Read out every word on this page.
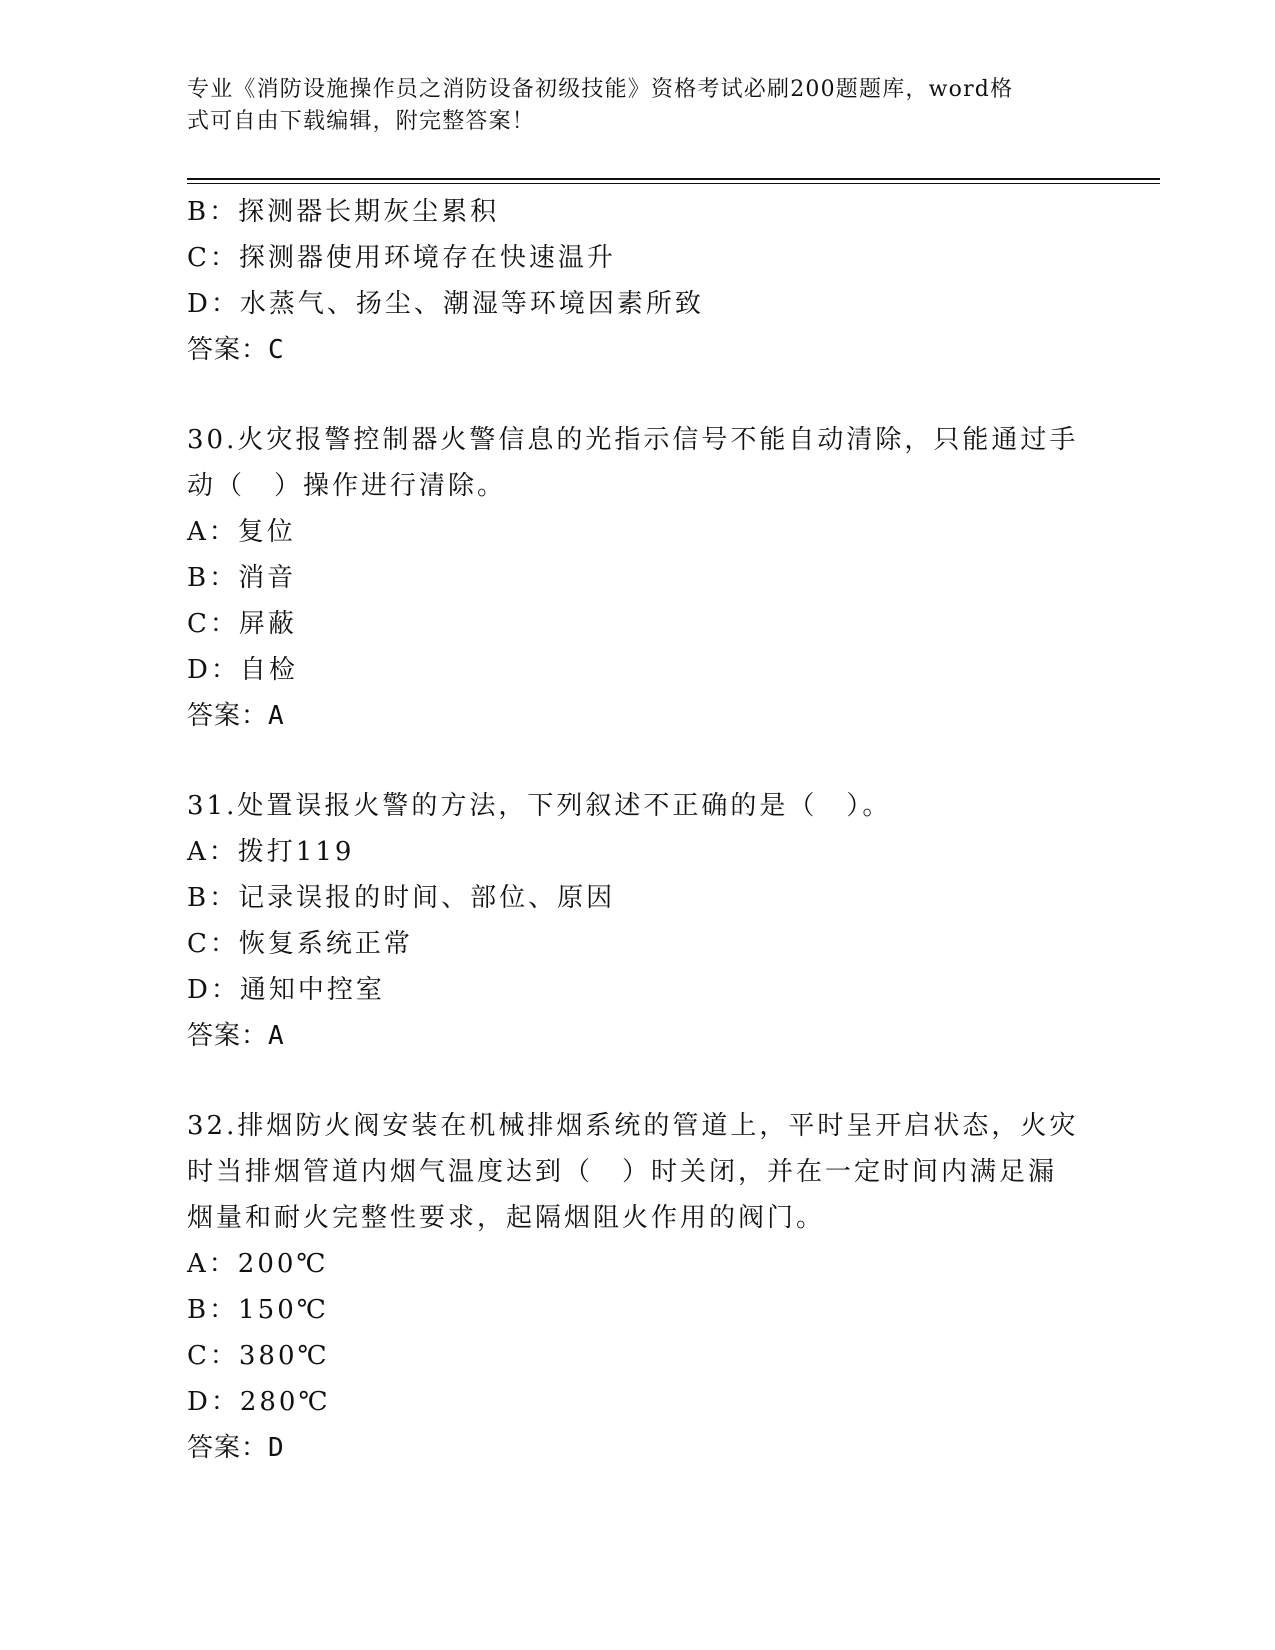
专业《消防设施操作员之消防设备初级技能》资格考试必刷200题题库，word格
式可自由下载编辑，附完整答案！
B：探测器长期灰尘累积
C：探测器使用环境存在快速温升
D：水蒸气、扬尘、潮湿等环境因素所致
答案：C
30.火灾报警控制器火警信息的光指示信号不能自动清除，只能通过手
动（　）操作进行清除。
A：复位
B：消音
C：屏蔽
D：自检
答案：A
31.处置误报火警的方法，下列叙述不正确的是（　）。
A：拨打119
B：记录误报的时间、部位、原因
C：恢复系统正常
D：通知中控室
答案：A
32.排烟防火阀安装在机械排烟系统的管道上，平时呈开启状态，火灾
时当排烟管道内烟气温度达到（　）时关闭，并在一定时间内满足漏
烟量和耐火完整性要求，起隔烟阻火作用的阀门。
A：200℃
B：150℃
C：380℃
D：280℃
答案：D
